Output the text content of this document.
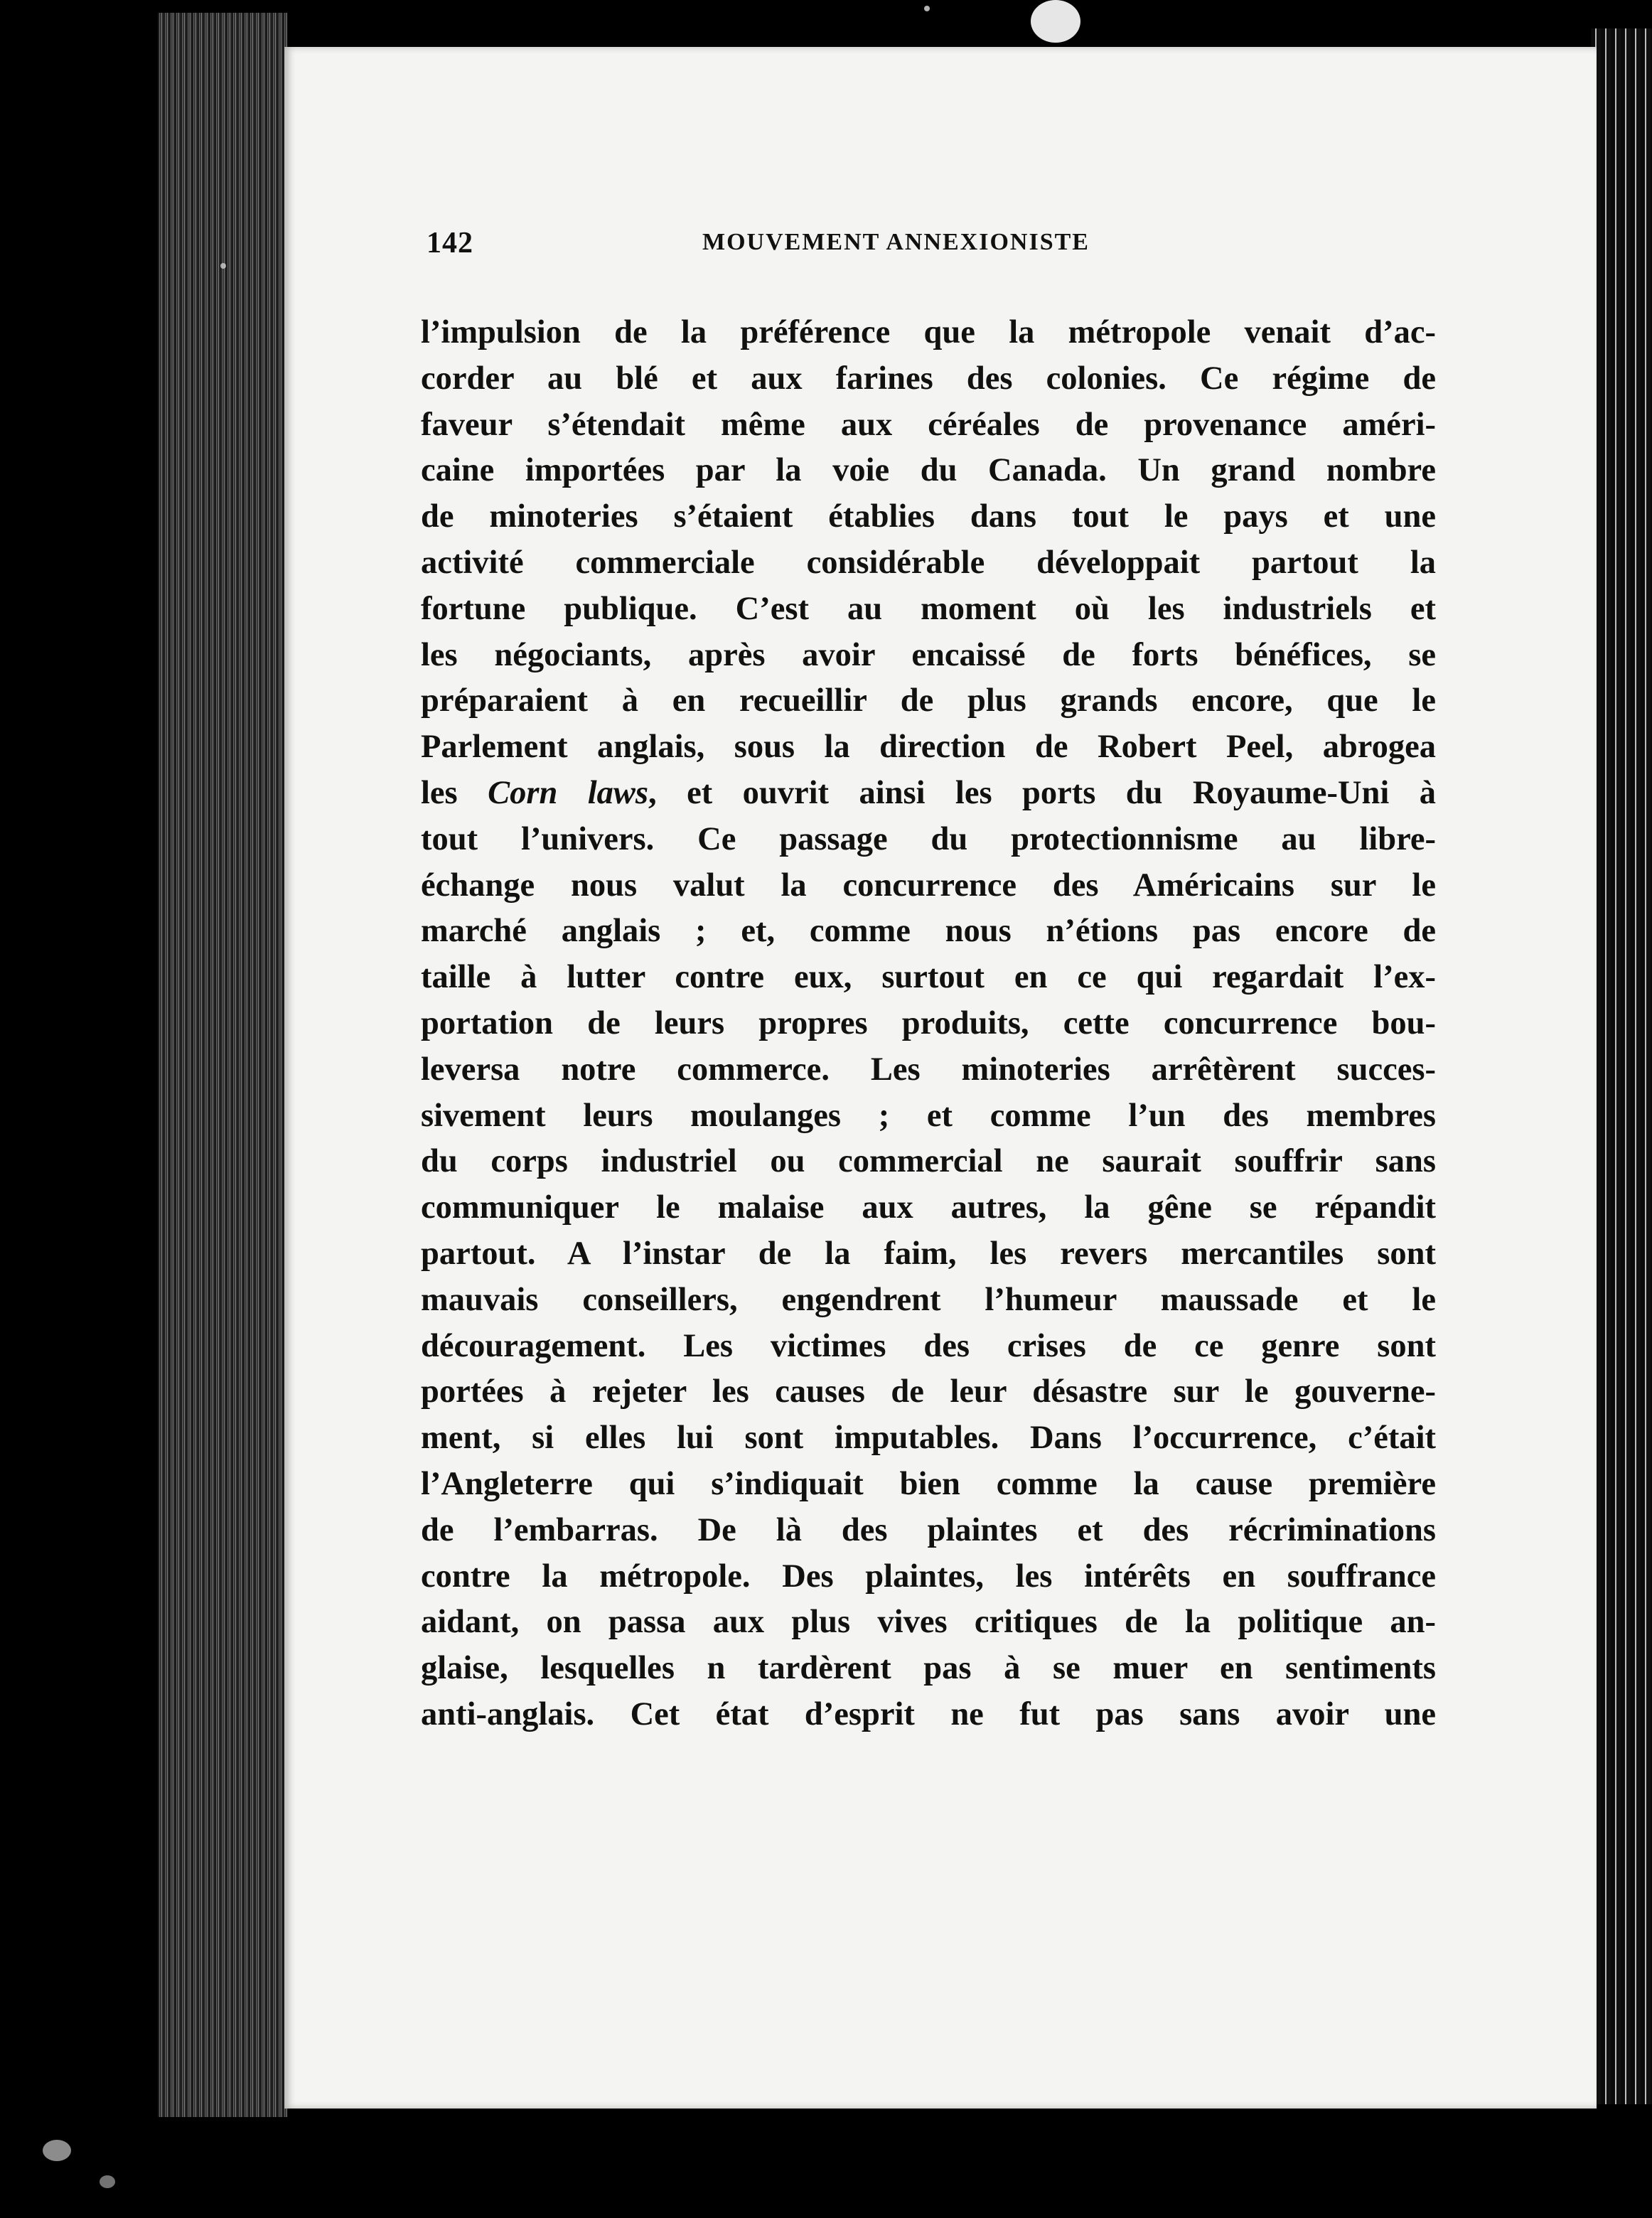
142	MOUVEMENT ANNEXIONISTE
l’impulsion de la préférence que la métropole venait d’ac-
corder au blé et aux farines des colonies. Ce régime de
faveur s’étendait même aux céréales de provenance améri-
caine importées par la voie du Canada. Un grand nombre
de minoteries s’étaient établies dans tout le pays et une
activité commerciale considérable développait partout la
fortune publique. C’est au moment où les industriels et
les négociants, après avoir encaissé de forts bénéfices, se
préparaient à en recueillir de plus grands encore, que le
Parlement anglais, sous la direction de Robert Peel, abrogea
les Corn laws, et ouvrit ainsi les ports du Royaume-Uni à
tout l’univers. Ce passage du protectionnisme au libre-
échange nous valut la concurrence des Américains sur le
marché anglais ; et, comme nous n’étions pas encore de
taille à lutter contre eux, surtout en ce qui regardait l’ex-
portation de leurs propres produits, cette concurrence bou-
leversa notre commerce. Les minoteries arrêtèrent succes-
sivement leurs moulanges ; et comme l’un des membres
du corps industriel ou commercial ne saurait souffrir sans
communiquer le malaise aux autres, la gêne se répandit
partout. A l’instar de la faim, les revers mercantiles sont
mauvais conseillers, engendrent l’humeur maussade et le
découragement. Les victimes des crises de ce genre sont
portées à rejeter les causes de leur désastre sur le gouverne-
ment, si elles lui sont imputables. Dans l’occurrence, c’était
l’Angleterre qui s’indiquait bien comme la cause première
de l’embarras. De là des plaintes et des récriminations
contre la métropole. Des plaintes, les intérêts en souffrance
aidant, on passa aux plus vives critiques de la politique an-
glaise, lesquelles n tardèrent pas à se muer en sentiments
anti-anglais. Cet état d’esprit ne fut pas sans avoir une
